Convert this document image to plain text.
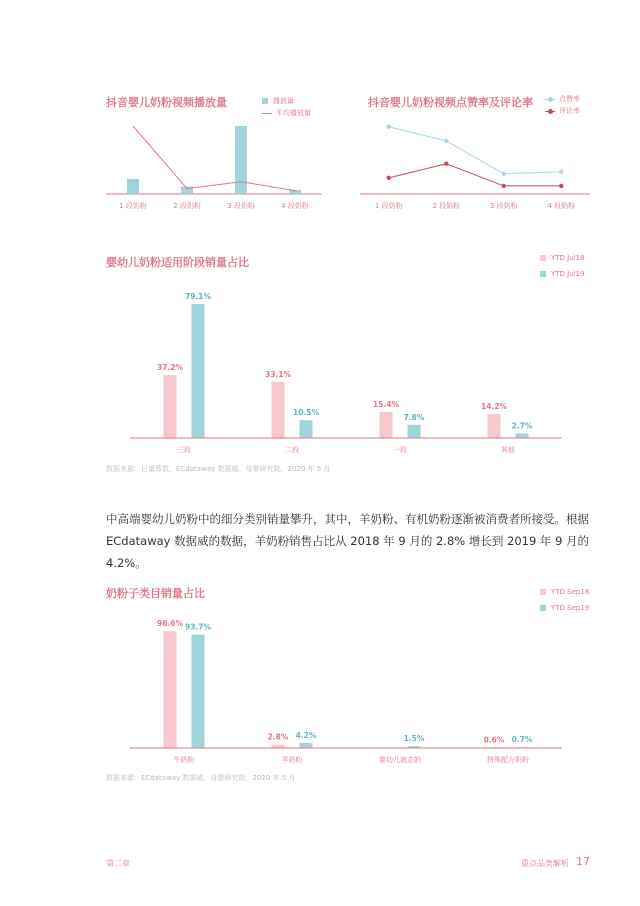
抖音婴儿奶粉视频播放量	播放量
平均播放量
1 段奶粉	2 段奶粉	3 段奶粉	4 段奶粉
抖音婴儿奶粉视频点赞率及评论率	点赞率
评论率
1 段奶粉	2 段奶粉	3 段奶粉	4 段奶粉
婴幼儿奶粉适用阶段销量占比	YTD Jul18
YTD Jul19
37.2%
33.1%
15.4%	14.2%
79.1%
10.5%
7.8%
2.7%
三段	二段	一段	其他
数据来源：巨量算数、ECdataway 数据威、母婴研究院，2020 年 5 月

中高端婴幼儿奶粉中的细分类别销量攀升，其中，羊奶粉、有机奶粉逐渐被消费者所接受。根据 ECdataway 数据威的数据，羊奶粉销售占比从 2018 年 9 月的 2.8% 增长到 2019 年 9 月的 4.2%。

奶粉子类目销量占比	YTD Sep18
YTD Sep19
96.6%
2.8%	0.6%
93.7%
4.2%	1.5%	0.7%
牛奶粉	羊奶粉	婴幼儿液态奶	特殊配方奶粉
数据来源：ECdataway 数据威、母婴研究院，2020 年 5 月
第二章	重点品类解析 17
头条 @侠说
